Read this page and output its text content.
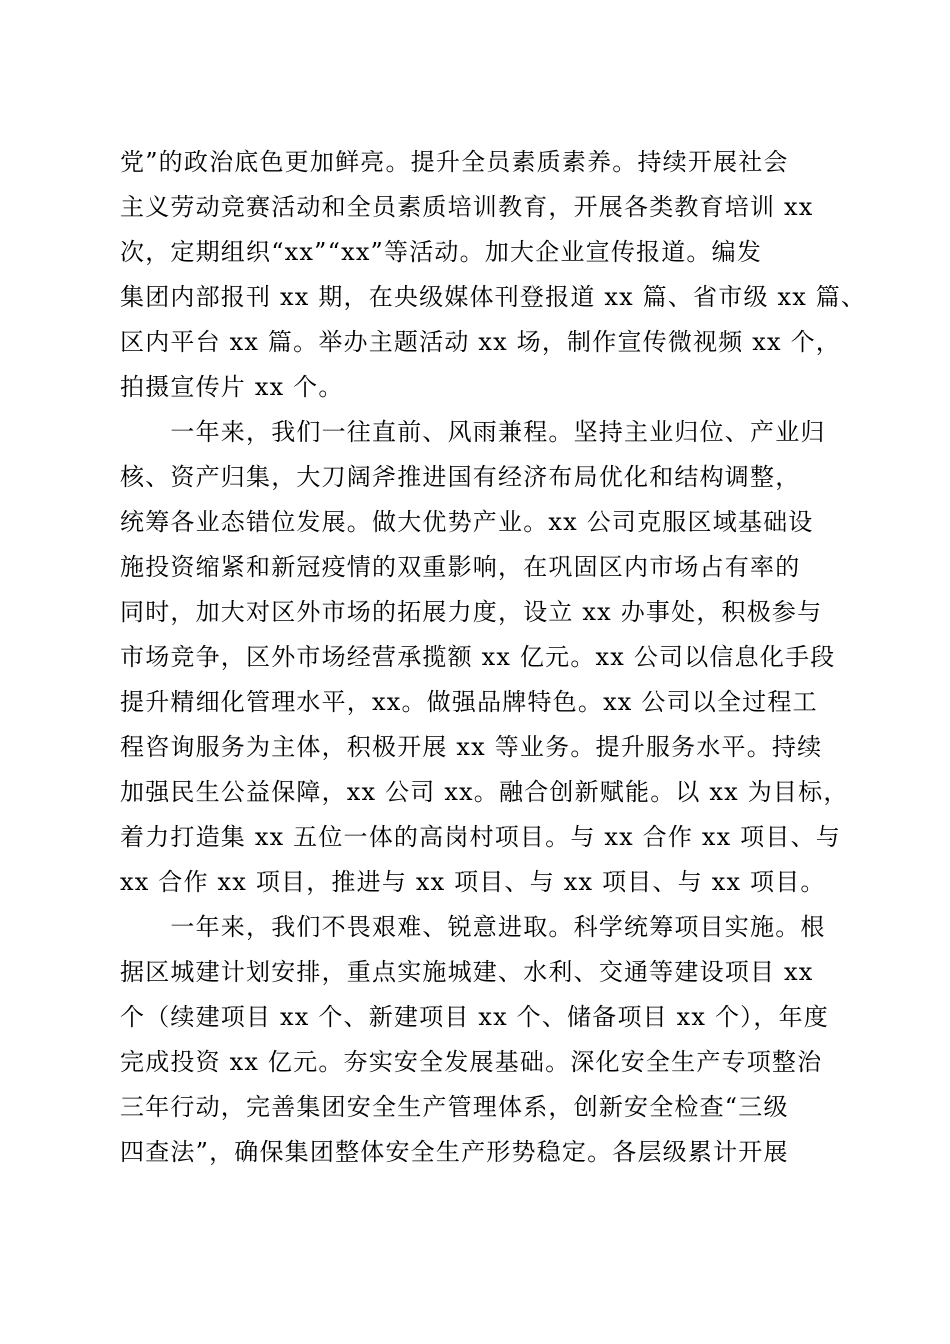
党”的政治底色更加鲜亮。提升全员素质素养。持续开展社会
主义劳动竞赛活动和全员素质培训教育，开展各类教育培训 xx
次，定期组织“xx”“xx”等活动。加大企业宣传报道。编发
集团内部报刊 xx 期，在央级媒体刊登报道 xx 篇、省市级 xx 篇、
区内平台 xx 篇。举办主题活动 xx 场，制作宣传微视频 xx 个，
拍摄宣传片 xx 个。
　　一年来，我们一往直前、风雨兼程。坚持主业归位、产业归
核、资产归集，大刀阔斧推进国有经济布局优化和结构调整，
统筹各业态错位发展。做大优势产业。xx 公司克服区域基础设
施投资缩紧和新冠疫情的双重影响，在巩固区内市场占有率的
同时，加大对区外市场的拓展力度，设立 xx 办事处，积极参与
市场竞争，区外市场经营承揽额 xx 亿元。xx 公司以信息化手段
提升精细化管理水平，xx。做强品牌特色。xx 公司以全过程工
程咨询服务为主体，积极开展 xx 等业务。提升服务水平。持续
加强民生公益保障，xx 公司 xx。融合创新赋能。以 xx 为目标，
着力打造集 xx 五位一体的高岗村项目。与 xx 合作 xx 项目、与
xx 合作 xx 项目，推进与 xx 项目、与 xx 项目、与 xx 项目。
　　一年来，我们不畏艰难、锐意进取。科学统筹项目实施。根
据区城建计划安排，重点实施城建、水利、交通等建设项目 xx
个（续建项目 xx 个、新建项目 xx 个、储备项目 xx 个），年度
完成投资 xx 亿元。夯实安全发展基础。深化安全生产专项整治
三年行动，完善集团安全生产管理体系，创新安全检查“三级
四查法”，确保集团整体安全生产形势稳定。各层级累计开展
